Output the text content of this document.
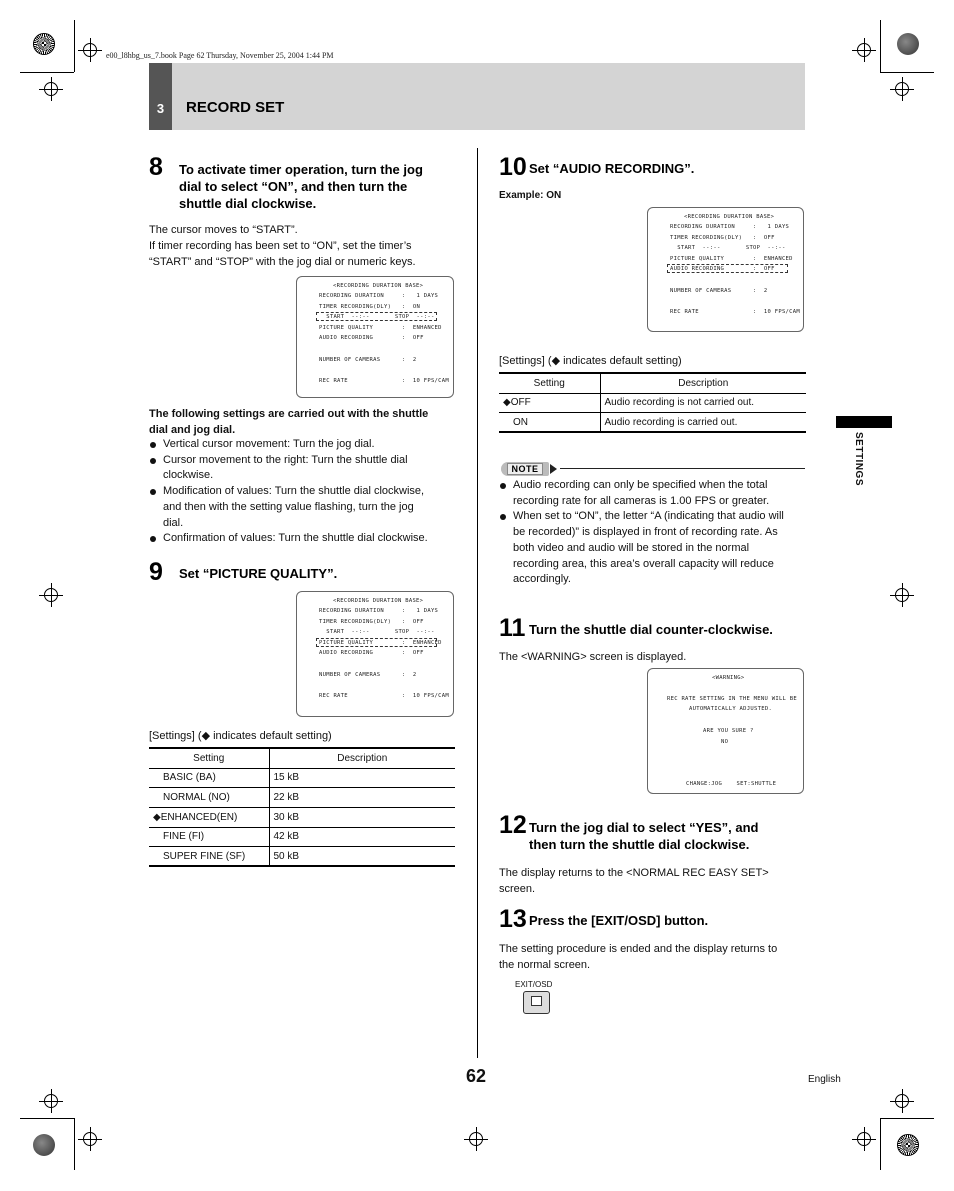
e00_l8hbg_us_7.book Page 62 Thursday, November 25, 2004 1:44 PM
3	RECORD SET
SETTINGS
8 To activate timer operation, turn the jog
dial to select “ON”, and then turn the
shuttle dial clockwise.
The cursor moves to “START”.
If timer recording has been set to “ON”, set the timer’s
“START” and “STOP” with the jog dial or numeric keys.
<RECORDING DURATION BASE>
RECORDING DURATION     :   1 DAYS
TIMER RECORDING(DLY)   :  ON
START  --:--       STOP  --:--
PICTURE QUALITY        :  ENHANCED
AUDIO RECORDING        :  OFF
NUMBER OF CAMERAS      :  2
REC RATE               :  10 FPS/CAM
The following settings are carried out with the shuttle
dial and jog dial.
Vertical cursor movement: Turn the jog dial.
Cursor movement to the right: Turn the shuttle dial
clockwise.
Modification of values: Turn the shuttle dial clockwise,
and then with the setting value flashing, turn the jog
dial.
Confirmation of values: Turn the shuttle dial clockwise.
9 Set “PICTURE QUALITY”.
<RECORDING DURATION BASE>
RECORDING DURATION     :   1 DAYS
TIMER RECORDING(DLY)   :  OFF
START  --:--       STOP  --:--
PICTURE QUALITY        :  ENHANCED
AUDIO RECORDING        :  OFF
NUMBER OF CAMERAS      :  2
REC RATE               :  10 FPS/CAM
[Settings] (◆ indicates default setting)
Setting	Description
BASIC (BA)	15 kB
NORMAL (NO)	22 kB
◆ENHANCED(EN)	30 kB
FINE (FI)	42 kB
SUPER FINE (SF)	50 kB
10 Set “AUDIO RECORDING”.
Example: ON
<RECORDING DURATION BASE>
RECORDING DURATION     :   1 DAYS
TIMER RECORDING(DLY)   :  OFF
START  --:--       STOP  --:--
PICTURE QUALITY        :  ENHANCED
AUDIO RECORDING        :  OFF
NUMBER OF CAMERAS      :  2
REC RATE               :  10 FPS/CAM
[Settings] (◆ indicates default setting)
Setting	Description
◆OFF	Audio recording is not carried out.
ON	Audio recording is carried out.
NOTE
Audio recording can only be specified when the total
recording rate for all cameras is 1.00 FPS or greater.
When set to “ON”, the letter “A (indicating that audio will
be recorded)” is displayed in front of recording rate. As
both video and audio will be stored in the normal
recording area, this area’s overall capacity will reduce
accordingly.
11 Turn the shuttle dial counter-clockwise.
The <WARNING> screen is displayed.
<WARNING>
REC RATE SETTING IN THE MENU WILL BE
AUTOMATICALLY ADJUSTED.
ARE YOU SURE ?
NO
CHANGE:JOG    SET:SHUTTLE
12 Turn the jog dial to select “YES”, and
then turn the shuttle dial clockwise.
The display returns to the <NORMAL REC EASY SET>
screen.
13 Press the [EXIT/OSD] button.
The setting procedure is ended and the display returns to
the normal screen.
EXIT/OSD
62	English
